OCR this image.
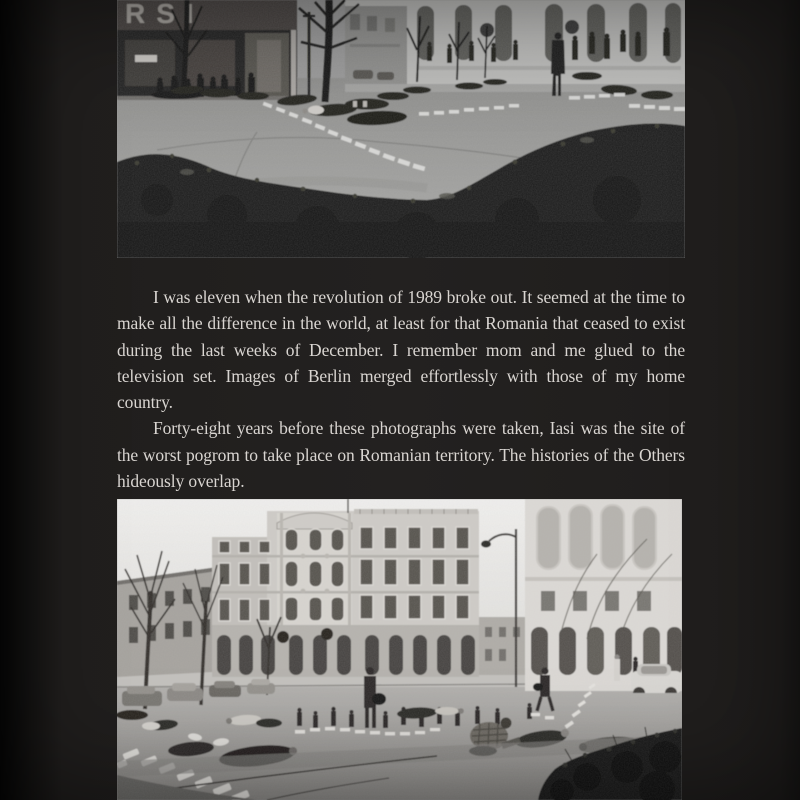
I was eleven when the revolution of 1989 broke out. It seemed at the time to make all the difference in the world, at least for that Romania that ceased to exist during the last weeks of December. I remember mom and me glued to the television set. Images of Berlin merged effortlessly with those of my home country.

Forty-eight years before these photographs were taken, Iasi was the site of the worst pogrom to take place on Romanian territory. The histories of the Others hideously overlap.
